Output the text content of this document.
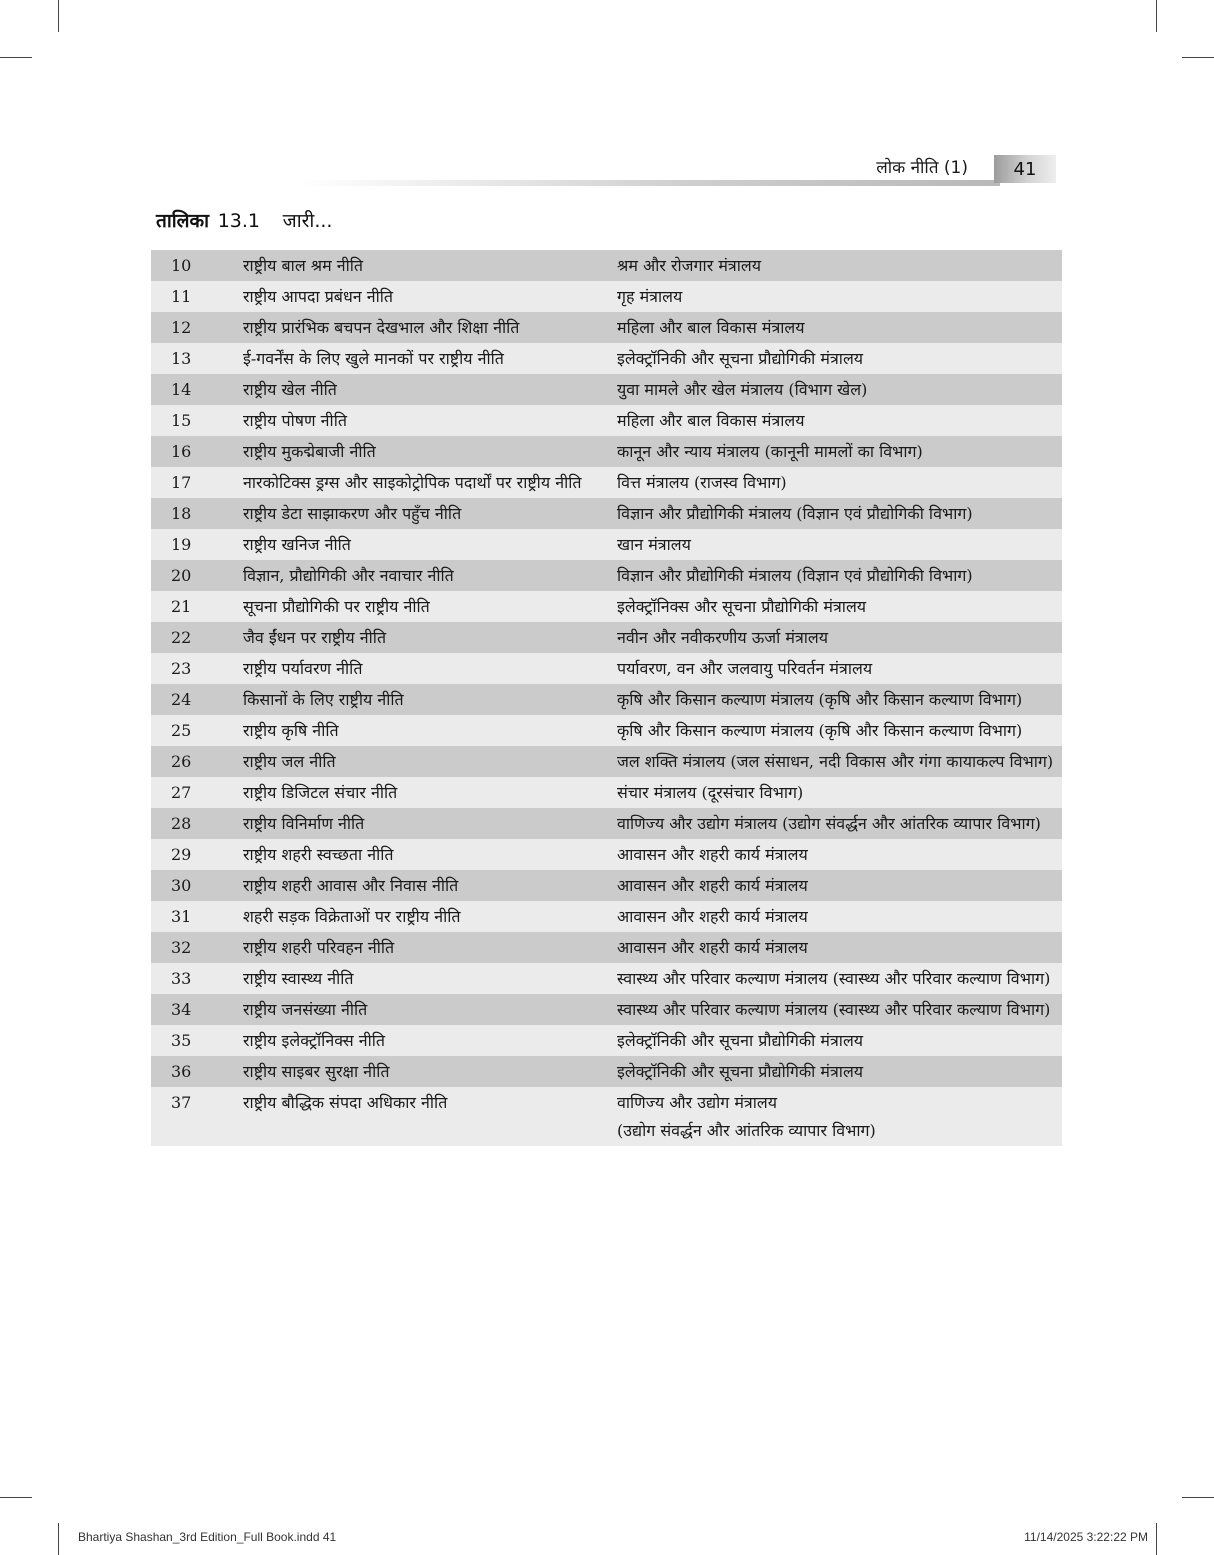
लोक नीति (1)	41
तालिका 13.1 जारी...
10	राष्ट्रीय बाल श्रम नीति	श्रम और रोजगार मंत्रालय
11	राष्ट्रीय आपदा प्रबंधन नीति	गृह मंत्रालय
12	राष्ट्रीय प्रारंभिक बचपन देखभाल और शिक्षा नीति	महिला और बाल विकास मंत्रालय
13	ई-गवर्नेंस के लिए खुले मानकों पर राष्ट्रीय नीति	इलेक्ट्रॉनिकी और सूचना प्रौद्योगिकी मंत्रालय
14	राष्ट्रीय खेल नीति	युवा मामले और खेल मंत्रालय (विभाग खेल)
15	राष्ट्रीय पोषण नीति	महिला और बाल विकास मंत्रालय
16	राष्ट्रीय मुकद्मेबाजी नीति	कानून और न्याय मंत्रालय (कानूनी मामलों का विभाग)
17	नारकोटिक्स ड्रग्स और साइकोट्रोपिक पदार्थों पर राष्ट्रीय नीति	वित्त मंत्रालय (राजस्व विभाग)
18	राष्ट्रीय डेटा साझाकरण और पहुँच नीति	विज्ञान और प्रौद्योगिकी मंत्रालय (विज्ञान एवं प्रौद्योगिकी विभाग)
19	राष्ट्रीय खनिज नीति	खान मंत्रालय
20	विज्ञान, प्रौद्योगिकी और नवाचार नीति	विज्ञान और प्रौद्योगिकी मंत्रालय (विज्ञान एवं प्रौद्योगिकी विभाग)
21	सूचना प्रौद्योगिकी पर राष्ट्रीय नीति	इलेक्ट्रॉनिक्स और सूचना प्रौद्योगिकी मंत्रालय
22	जैव ईंधन पर राष्ट्रीय नीति	नवीन और नवीकरणीय ऊर्जा मंत्रालय
23	राष्ट्रीय पर्यावरण नीति	पर्यावरण, वन और जलवायु परिवर्तन मंत्रालय
24	किसानों के लिए राष्ट्रीय नीति	कृषि और किसान कल्याण मंत्रालय (कृषि और किसान कल्याण विभाग)
25	राष्ट्रीय कृषि नीति	कृषि और किसान कल्याण मंत्रालय (कृषि और किसान कल्याण विभाग)
26	राष्ट्रीय जल नीति	जल शक्ति मंत्रालय (जल संसाधन, नदी विकास और गंगा कायाकल्प विभाग)
27	राष्ट्रीय डिजिटल संचार नीति	संचार मंत्रालय (दूरसंचार विभाग)
28	राष्ट्रीय विनिर्माण नीति	वाणिज्य और उद्योग मंत्रालय (उद्योग संवर्द्धन और आंतरिक व्यापार विभाग)
29	राष्ट्रीय शहरी स्वच्छता नीति	आवासन और शहरी कार्य मंत्रालय
30	राष्ट्रीय शहरी आवास और निवास नीति	आवासन और शहरी कार्य मंत्रालय
31	शहरी सड़क विक्रेताओं पर राष्ट्रीय नीति	आवासन और शहरी कार्य मंत्रालय
32	राष्ट्रीय शहरी परिवहन नीति	आवासन और शहरी कार्य मंत्रालय
33	राष्ट्रीय स्वास्थ्य नीति	स्वास्थ्य और परिवार कल्याण मंत्रालय (स्वास्थ्य और परिवार कल्याण विभाग)
34	राष्ट्रीय जनसंख्या नीति	स्वास्थ्य और परिवार कल्याण मंत्रालय (स्वास्थ्य और परिवार कल्याण विभाग)
35	राष्ट्रीय इलेक्ट्रॉनिक्स नीति	इलेक्ट्रॉनिकी और सूचना प्रौद्योगिकी मंत्रालय
36	राष्ट्रीय साइबर सुरक्षा नीति	इलेक्ट्रॉनिकी और सूचना प्रौद्योगिकी मंत्रालय
37	राष्ट्रीय बौद्धिक संपदा अधिकार नीति	वाणिज्य और उद्योग मंत्रालय
(उद्योग संवर्द्धन और आंतरिक व्यापार विभाग)
Bhartiya Shashan_3rd Edition_Full Book.indd 41	11/14/2025 3:22:22 PM
